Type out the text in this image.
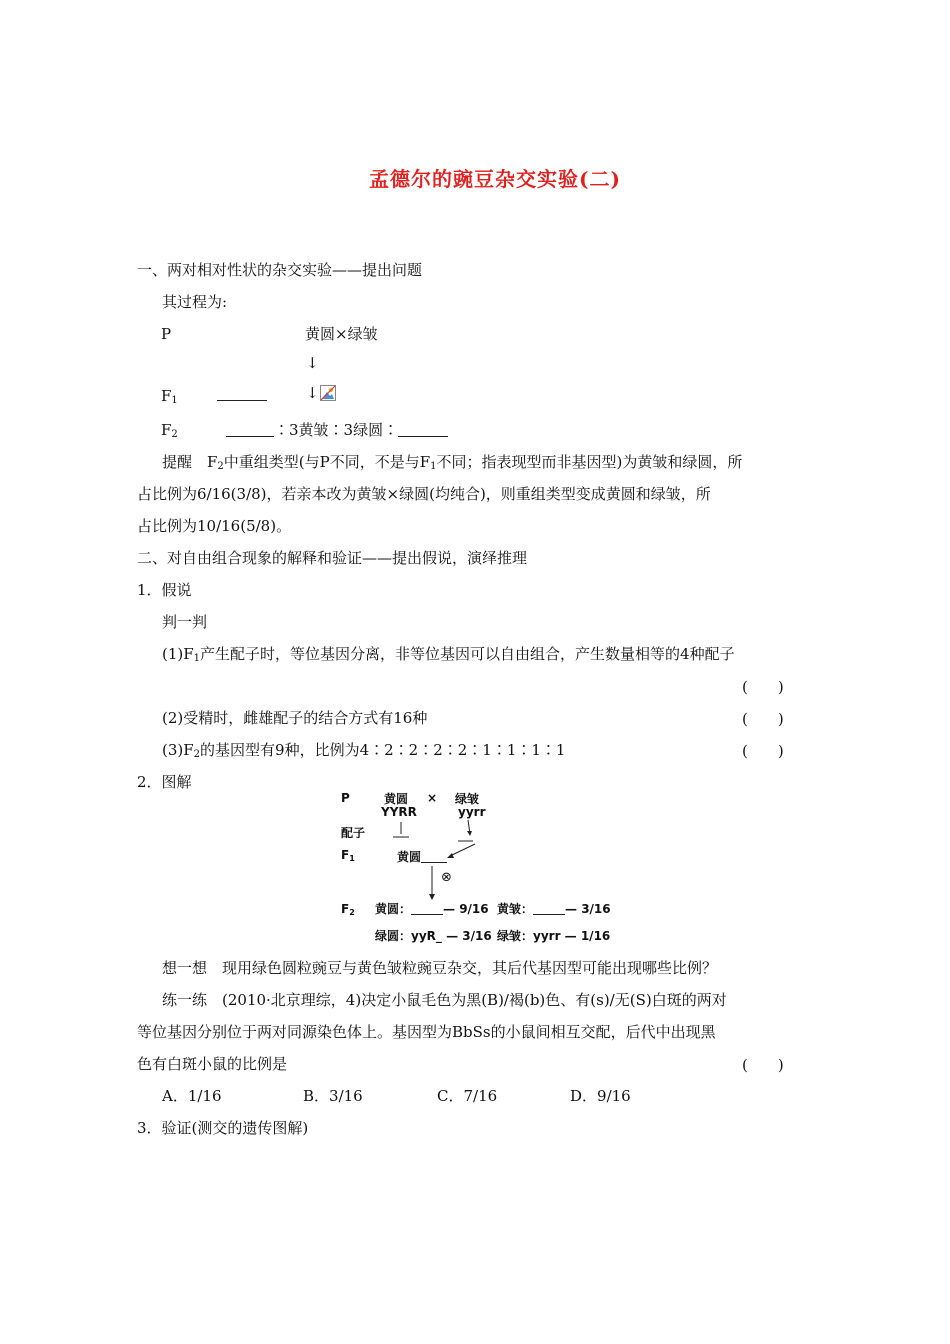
孟德尔的豌豆杂交实验(二)
一、两对相对性状的杂交实验——提出问题
其过程为:
P	黄圆×绿皱
↓
$F_1$	↓
$F_2$	∶3黄皱∶3绿圆∶
提醒　$F_2$中重组类型(与P不同，不是与$F_1$不同；指表现型而非基因型)为黄皱和绿圆，所
占比例为6/16(3/8)，若亲本改为黄皱×绿圆(均纯合)，则重组类型变成黄圆和绿皱，所
占比例为10/16(5/8)。
二、对自由组合现象的解释和验证——提出假说，演绎推理
1．假说
判一判
$(1)F_1$产生配子时，等位基因分离，非等位基因可以自由组合，产生数量相等的4种配子
(　　)
(2)受精时，雌雄配子的结合方式有16种	(　　)
$(3)F_2$的基因型有9种，比例为4∶2∶2∶2∶2∶1∶1∶1∶1	(　　)
2．图解
P	黄圆 × 绿皱
YYRR	yyrr
配子
F1	黄圆
⊗
F2 黄圆：	— 9/16 黄皱：	— 3/16
绿圆：yyR_ — 3/16 绿皱：yyrr — 1/16
想一想　现用绿色圆粒豌豆与黄色皱粒豌豆杂交，其后代基因型可能出现哪些比例？
练一练　(2010·北京理综，4)决定小鼠毛色为黑(B)/褐(b)色、有(s)/无(S)白斑的两对
等位基因分别位于两对同源染色体上。基因型为BbSs的小鼠间相互交配，后代中出现黑
色有白斑小鼠的比例是	(　　)
A．1/16	B．3/16	C．7/16	D．9/16
3．验证(测交的遗传图解)
